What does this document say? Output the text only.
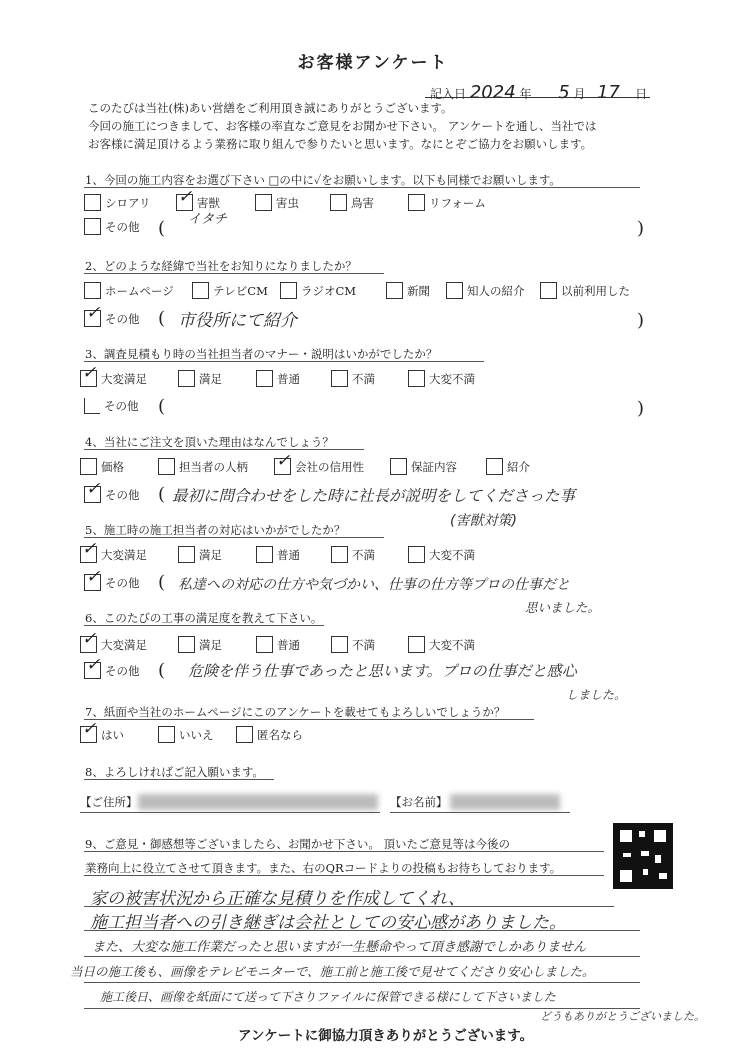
お客様アンケート
記入日 2024 年 5 月 17 日
このたびは当社(株)あい営繕をご利用頂き誠にありがとうございます。
今回の施工につきまして、お客様の率直なご意見をお聞かせ下さい。 アンケートを通し、当社では
お客様に満足頂けるよう業務に取り組んで参りたいと思います。なにとぞご協力をお願いします。
1、今回の施工内容をお選び下さい □の中に✓をお願いします。以下も同様でお願いします。
シロアリ ✓ 害獣	害虫	鳥害	リフォーム
イタチ
その他 (	)
2、どのような経緯で当社をお知りになりましたか？
ホームページ	テレビCM	ラジオCM	新聞	知人の紹介	以前利用した
✓ その他 ( 市役所にて紹介	)
3、調査見積もり時の当社担当者のマナー・説明はいかがでしたか？
✓ 大変満足	満足	普通	不満	大変不満
その他 (	)
4、当社にご注文を頂いた理由はなんでしょう？
価格	担当者の人柄 ✓ 会社の信用性	保証内容	紹介
✓ その他 ( 最初に問合わせをした時に社長が説明をしてくださった事
(害獣対策)
5、施工時の施工担当者の対応はいかがでしたか？
✓ 大変満足	満足	普通	不満	大変不満
✓ その他 ( 私達への対応の仕方や気づかい、仕事の仕方等プロの仕事だと
思いました。
6、このたびの工事の満足度を教えて下さい。
✓ 大変満足	満足	普通	不満	大変不満
✓ その他 ( 危険を伴う仕事であったと思います。プロの仕事だと感心
しました。
7、紙面や当社のホームページにこのアンケートを載せてもよろしいでしょうか？
✓ はい	いいえ	匿名なら
8、よろしければご記入願います。
【ご住所】	【お名前】
9、ご意見・御感想等ございましたら、お聞かせ下さい。 頂いたご意見等は今後の
業務向上に役立てさせて頂きます。また、右のQRコードよりの投稿もお待ちしております。
家の被害状況から正確な見積りを作成してくれ、
施工担当者への引き継ぎは会社としての安心感がありました。
また、大変な施工作業だったと思いますが一生懸命やって頂き感謝でしかありません
当日の施工後も、画像をテレビモニターで、施工前と施工後で見せてくださり安心しました。
施工後日、画像を紙面にて送って下さりファイルに保管できる様にして下さいました
どうもありがとうございました。
アンケートに御協力頂きありがとうございます。
